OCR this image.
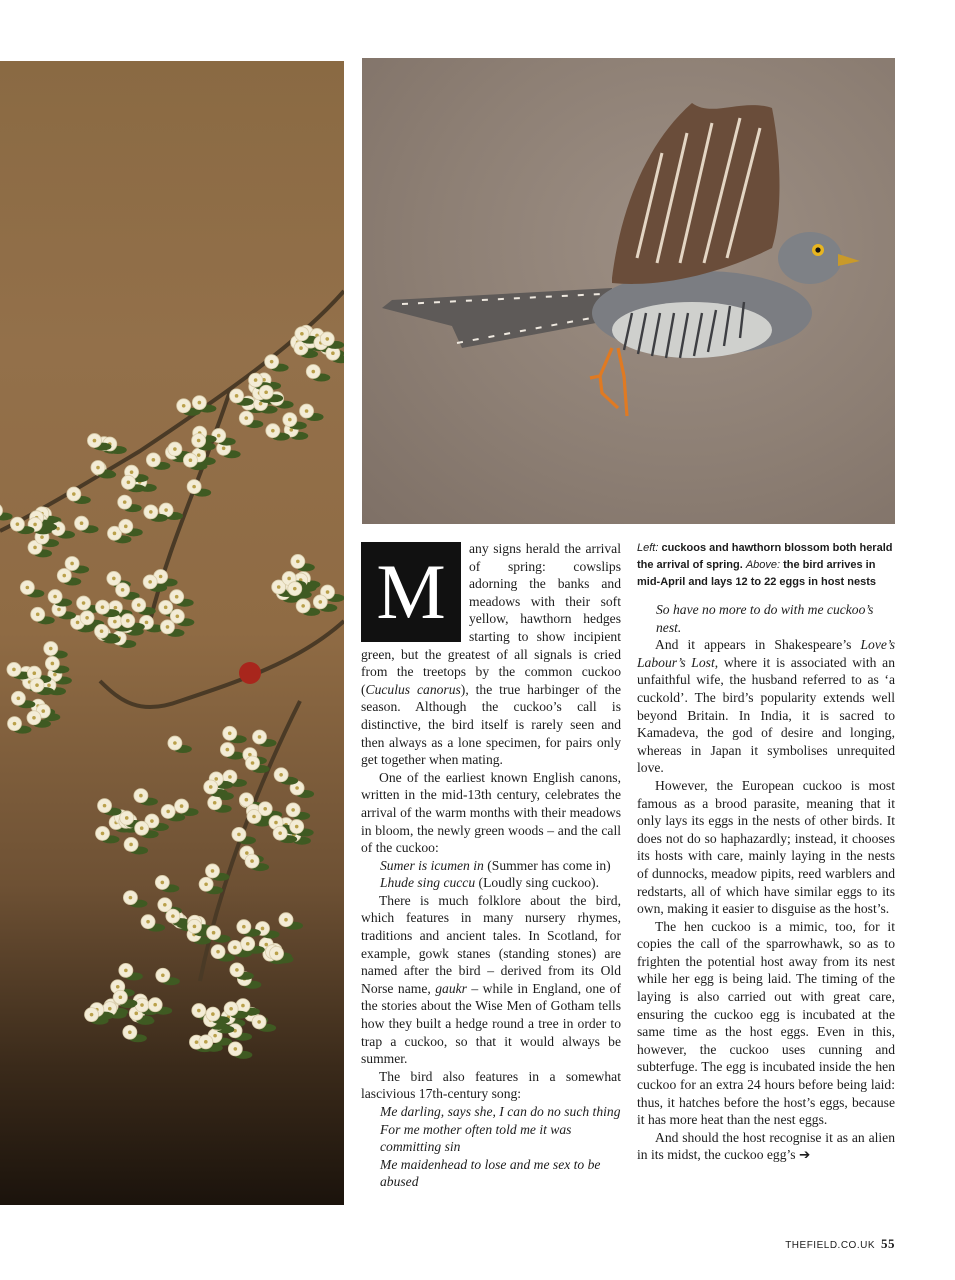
M	any signs herald the arrival of spring: cowslips adorning the banks and meadows with their soft yellow, hawthorn hedges starting to show incipient green, but the greatest of all signals is cried from the treetops by the common cuckoo (Cuculus canorus), the true harbinger of the season. Although the cuckoo’s call is distinctive, the bird itself is rarely seen and then always as a lone specimen, for pairs only get together when mating.

One of the earliest known English canons, written in the mid-13th century, celebrates the arrival of the warm months with their meadows in bloom, the newly green woods – and the call of the cuckoo:

Sumer is icumen in (Summer has come in)

Lhude sing cuccu (Loudly sing cuckoo).

There is much folklore about the bird, which features in many nursery rhymes, traditions and ancient tales. In Scotland, for example, gowk stanes (standing stones) are named after the bird – derived from its Old Norse name, gaukr – while in England, one of the stories about the Wise Men of Gotham tells how they built a hedge round a tree in order to trap a cuckoo, so that it would always be summer.

The bird also features in a somewhat lascivious 17th-century song:

Me darling, says she, I can do no such thing

For me mother often told me it was committing sin

Me maidenhead to lose and me sex to be abused

Left: cuckoos and hawthorn blossom both herald the arrival of spring. Above: the bird arrives in mid-April and lays 12 to 22 eggs in host nests

So have no more to do with me cuckoo’s nest.

And it appears in Shakespeare’s Love’s Labour’s Lost, where it is associated with an unfaithful wife, the husband referred to as ‘a cuckold’. The bird’s popularity extends well beyond Britain. In India, it is sacred to Kamadeva, the god of desire and longing, whereas in Japan it symbolises unrequited love.

However, the European cuckoo is most famous as a brood parasite, meaning that it only lays its eggs in the nests of other birds. It does not do so haphazardly; instead, it chooses its hosts with care, mainly laying in the nests of dunnocks, meadow pipits, reed warblers and redstarts, all of which have similar eggs to its own, making it easier to disguise as the host’s.

The hen cuckoo is a mimic, too, for it copies the call of the sparrowhawk, so as to frighten the potential host away from its nest while her egg is being laid. The timing of the laying is also carried out with great care, ensuring the cuckoo egg is incubated at the same time as the host eggs. Even in this, however, the cuckoo uses cunning and subterfuge. The egg is incubated inside the hen cuckoo for an extra 24 hours before being laid: thus, it hatches before the host’s eggs, because it has more heat than the nest eggs.

And should the host recognise it as an alien in its midst, the cuckoo egg’s ➔

THEFIELD.CO.UK 55
